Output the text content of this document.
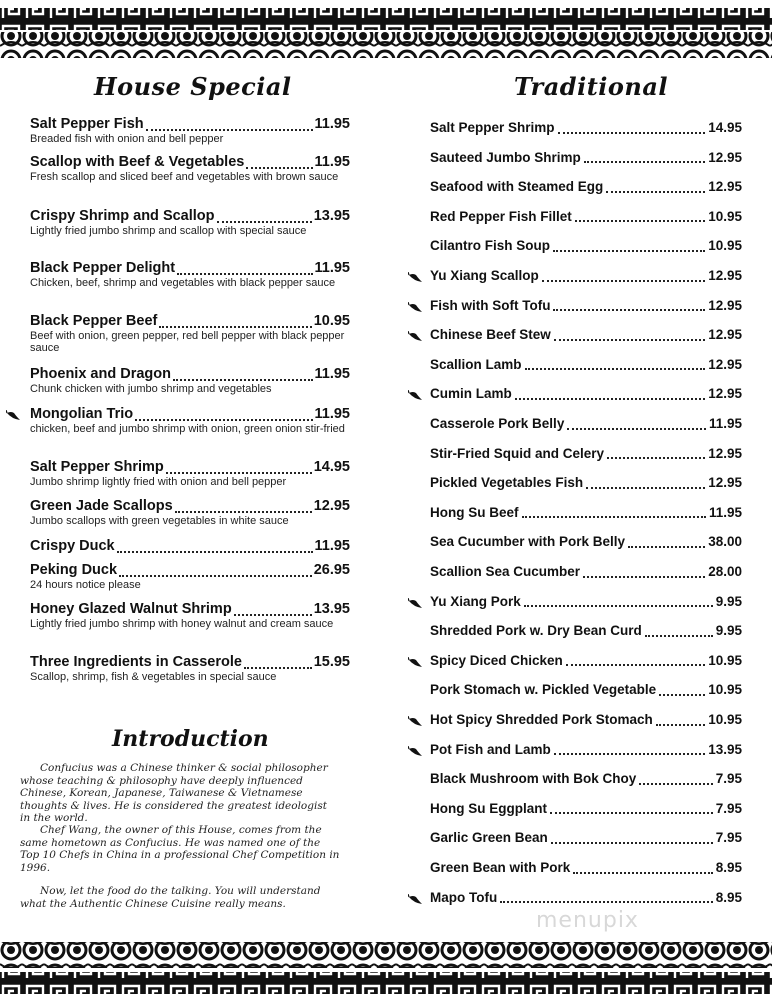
House Special
Salt Pepper Fish	11.95
Breaded fish with onion and bell pepper
Scallop with Beef & Vegetables	11.95
Fresh scallop and sliced beef and vegetables with brown sauce
Crispy Shrimp and Scallop	13.95
Lightly fried jumbo shrimp and scallop with special sauce
Black Pepper Delight	11.95
Chicken, beef, shrimp and vegetables with black pepper sauce
Black Pepper Beef	10.95
Beef with onion, green pepper, red bell pepper with black pepper sauce
Phoenix and Dragon	11.95
Chunk chicken with jumbo shrimp and vegetables
Mongolian Trio	11.95
chicken, beef and jumbo shrimp with onion, green onion stir-fried
Salt Pepper Shrimp	14.95
Jumbo shrimp lightly fried with onion and bell pepper
Green Jade Scallops	12.95
Jumbo scallops with green vegetables in white sauce
Crispy Duck	11.95
Peking Duck	26.95
24 hours notice please
Honey Glazed Walnut Shrimp	13.95
Lightly fried jumbo shrimp with honey walnut and cream sauce
Three Ingredients in Casserole	15.95
Scallop, shrimp, fish & vegetables in special sauce
Introduction
Confucius was a Chinese thinker & social philosopher whose teaching & philosophy have deeply influenced Chinese, Korean, Japanese, Taiwanese & Vietnamese thoughts & lives. He is considered the greatest ideologist in the world.
Chef Wang, the owner of this House, comes from the same hometown as Confucius. He was named one of the Top 10 Chefs in China in a professional Chef Competition in 1996.
Now, let the food do the talking. You will understand what the Authentic Chinese Cuisine really means.
Traditional
Salt Pepper Shrimp	14.95
Sauteed Jumbo Shrimp	12.95
Seafood with Steamed Egg	12.95
Red Pepper Fish Fillet	10.95
Cilantro Fish Soup	10.95
Yu Xiang Scallop	12.95
Fish with Soft Tofu	12.95
Chinese Beef Stew	12.95
Scallion Lamb	12.95
Cumin Lamb	12.95
Casserole Pork Belly	11.95
Stir-Fried Squid and Celery	12.95
Pickled Vegetables Fish	12.95
Hong Su Beef	11.95
Sea Cucumber with Pork Belly	38.00
Scallion Sea Cucumber	28.00
Yu Xiang Pork	9.95
Shredded Pork w. Dry Bean Curd	9.95
Spicy Diced Chicken	10.95
Pork Stomach w. Pickled Vegetable	10.95
Hot Spicy Shredded Pork Stomach	10.95
Pot Fish and Lamb	13.95
Black Mushroom with Bok Choy	7.95
Hong Su Eggplant	7.95
Garlic Green Bean	7.95
Green Bean with Pork	8.95
Mapo Tofu	8.95
menupix
